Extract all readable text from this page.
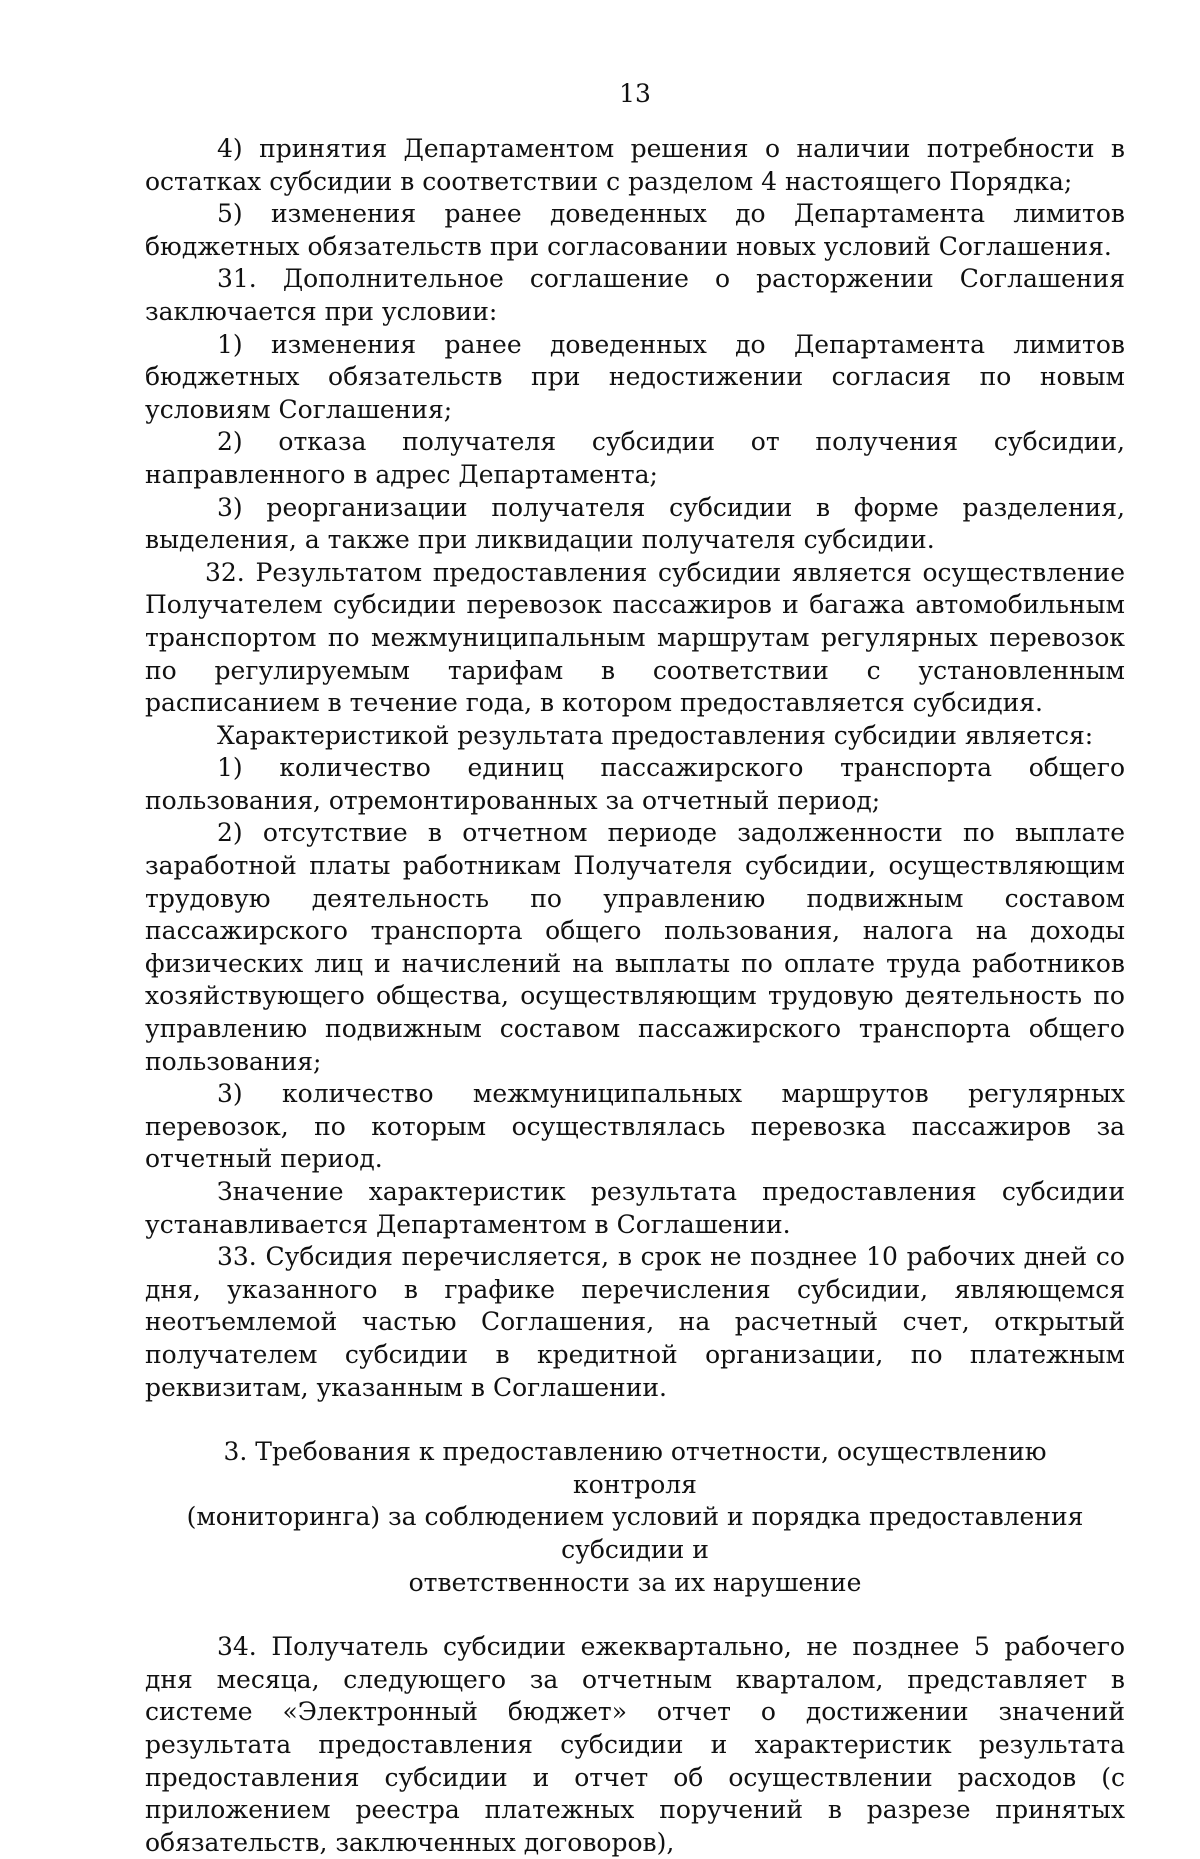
13

4) принятия Департаментом решения о наличии потребности в остатках субсидии в соответствии с разделом 4 настоящего Порядка;

5) изменения ранее доведенных до Департамента лимитов бюджетных обязательств при согласовании новых условий Соглашения.

31. Дополнительное соглашение о расторжении Соглашения заключается при условии:

1) изменения ранее доведенных до Департамента лимитов бюджетных обязательств при недостижении согласия по новым условиям Соглашения;

2) отказа получателя субсидии от получения субсидии, направленного в адрес Департамента;

3) реорганизации получателя субсидии в форме разделения, выделения, а также при ликвидации получателя субсидии.

32. Результатом предоставления субсидии является осуществление Получателем субсидии перевозок пассажиров и багажа автомобильным транспортом по межмуниципальным маршрутам регулярных перевозок по регулируемым тарифам в соответствии с установленным расписанием в течение года, в котором предоставляется субсидия.

Характеристикой результата предоставления субсидии является:

1) количество единиц пассажирского транспорта общего пользования, отремонтированных за отчетный период;

2) отсутствие в отчетном периоде задолженности по выплате заработной платы работникам Получателя субсидии, осуществляющим трудовую деятельность по управлению подвижным составом пассажирского транспорта общего пользования, налога на доходы физических лиц и начислений на выплаты по оплате труда работников хозяйствующего общества, осуществляющим трудовую деятельность по управлению подвижным составом пассажирского транспорта общего пользования;

3) количество межмуниципальных маршрутов регулярных перевозок, по которым осуществлялась перевозка пассажиров за отчетный период.

Значение характеристик результата предоставления субсидии устанавливается Департаментом в Соглашении.

33. Субсидия перечисляется, в срок не позднее 10 рабочих дней со дня, указанного в графике перечисления субсидии, являющемся неотъемлемой частью Соглашения, на расчетный счет, открытый получателем субсидии в кредитной организации, по платежным реквизитам, указанным в Соглашении.

3. Требования к предоставлению отчетности, осуществлению контроля
(мониторинга) за соблюдением условий и порядка предоставления субсидии и
ответственности за их нарушение

34. Получатель субсидии ежеквартально, не позднее 5 рабочего дня месяца, следующего за отчетным кварталом, представляет в системе «Электронный бюджет» отчет о достижении значений результата предоставления субсидии и характеристик результата предоставления субсидии и отчет об осуществлении расходов (с приложением реестра платежных поручений в разрезе принятых обязательств, заключенных договоров),
